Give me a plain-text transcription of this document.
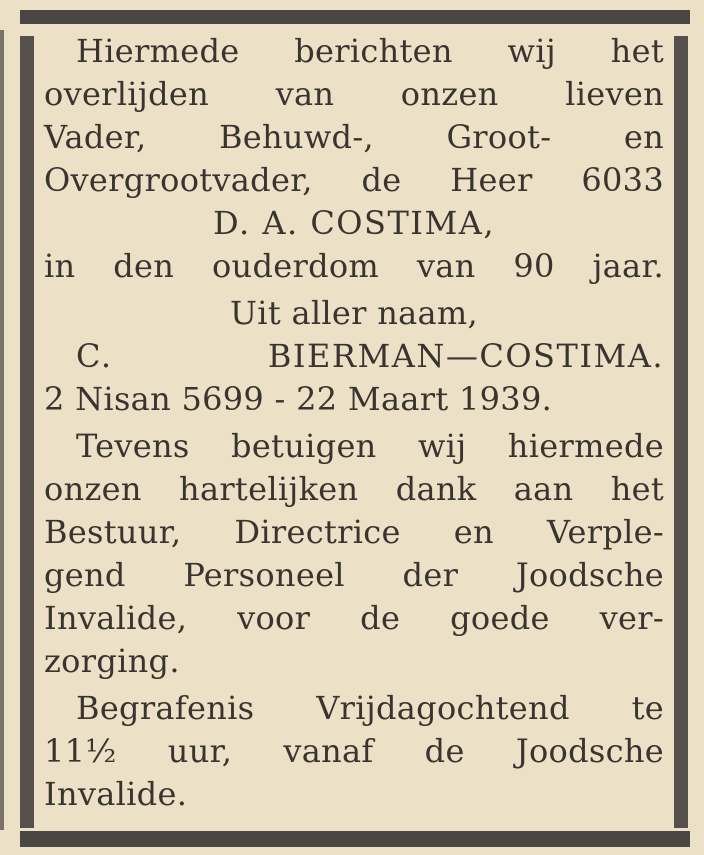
Hiermede berichten wij het
overlijden van onzen lieven
Vader, Behuwd-, Groot- en
Overgrootvader, de Heer 6033
D. A. COSTIMA,
in den ouderdom van 90 jaar.
Uit aller naam,
C. BIERMAN—COSTIMA.
2 Nisan 5699 - 22 Maart 1939.
Tevens betuigen wij hiermede
onzen hartelijken dank aan het
Bestuur, Directrice en Verple-
gend Personeel der Joodsche
Invalide, voor de goede ver-
zorging.
Begrafenis Vrijdagochtend te
11½ uur, vanaf de Joodsche
Invalide.
